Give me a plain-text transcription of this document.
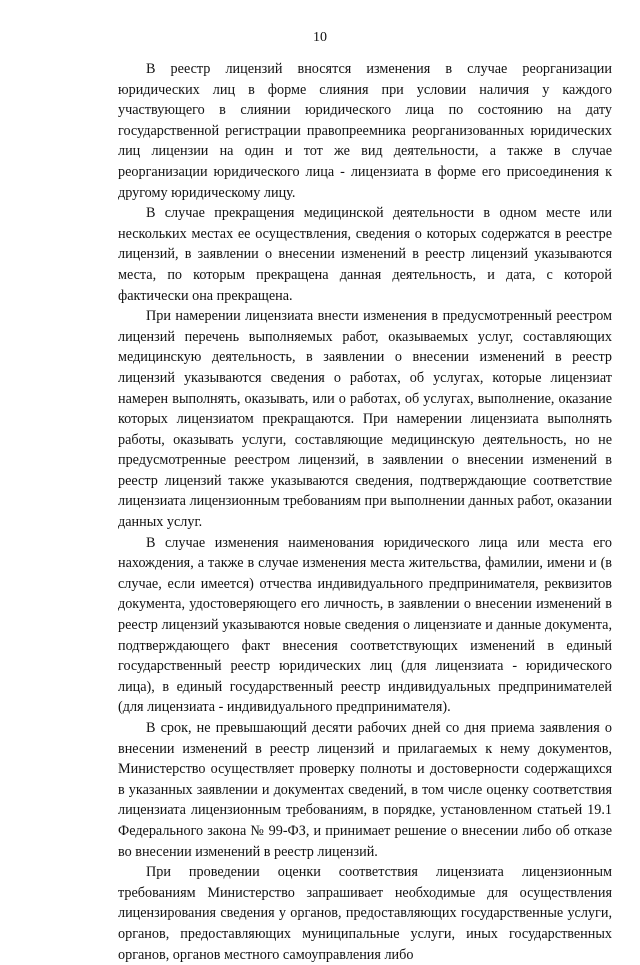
10

В реестр лицензий вносятся изменения в случае реорганизации юридических лиц в форме слияния при условии наличия у каждого участвующего в слиянии юридического лица по состоянию на дату государственной регистрации правопреемника реорганизованных юридических лиц лицензии на один и тот же вид деятельности, а также в случае реорганизации юридического лица - лицензиата в форме его присоединения к другому юридическому лицу.

В случае прекращения медицинской деятельности в одном месте или нескольких местах ее осуществления, сведения о которых содержатся в реестре лицензий, в заявлении о внесении изменений в реестр лицензий указываются места, по которым прекращена данная деятельность, и дата, с которой фактически она прекращена.

При намерении лицензиата внести изменения в предусмотренный реестром лицензий перечень выполняемых работ, оказываемых услуг, составляющих медицинскую деятельность, в заявлении о внесении изменений в реестр лицензий указываются сведения о работах, об услугах, которые лицензиат намерен выполнять, оказывать, или о работах, об услугах, выполнение, оказание которых лицензиатом прекращаются. При намерении лицензиата выполнять работы, оказывать услуги, составляющие медицинскую деятельность, но не предусмотренные реестром лицензий, в заявлении о внесении изменений в реестр лицензий также указываются сведения, подтверждающие соответствие лицензиата лицензионным требованиям при выполнении данных работ, оказании данных услуг.

В случае изменения наименования юридического лица или места его нахождения, а также в случае изменения места жительства, фамилии, имени и (в случае, если имеется) отчества индивидуального предпринимателя, реквизитов документа, удостоверяющего его личность, в заявлении о внесении изменений в реестр лицензий указываются новые сведения о лицензиате и данные документа, подтверждающего факт внесения соответствующих изменений в единый государственный реестр юридических лиц (для лицензиата - юридического лица), в единый государственный реестр индивидуальных предпринимателей (для лицензиата - индивидуального предпринимателя).

В срок, не превышающий десяти рабочих дней со дня приема заявления о внесении изменений в реестр лицензий и прилагаемых к нему документов, Министерство осуществляет проверку полноты и достоверности содержащихся в указанных заявлении и документах сведений, в том числе оценку соответствия лицензиата лицензионным требованиям, в порядке, установленном статьей 19.1 Федерального закона № 99-ФЗ, и принимает решение о внесении либо об отказе во внесении изменений в реестр лицензий.

При проведении оценки соответствия лицензиата лицензионным требованиям Министерство запрашивает необходимые для осуществления лицензирования сведения у органов, предоставляющих государственные услуги, органов, предоставляющих муниципальные услуги, иных государственных органов, органов местного самоуправления либо
